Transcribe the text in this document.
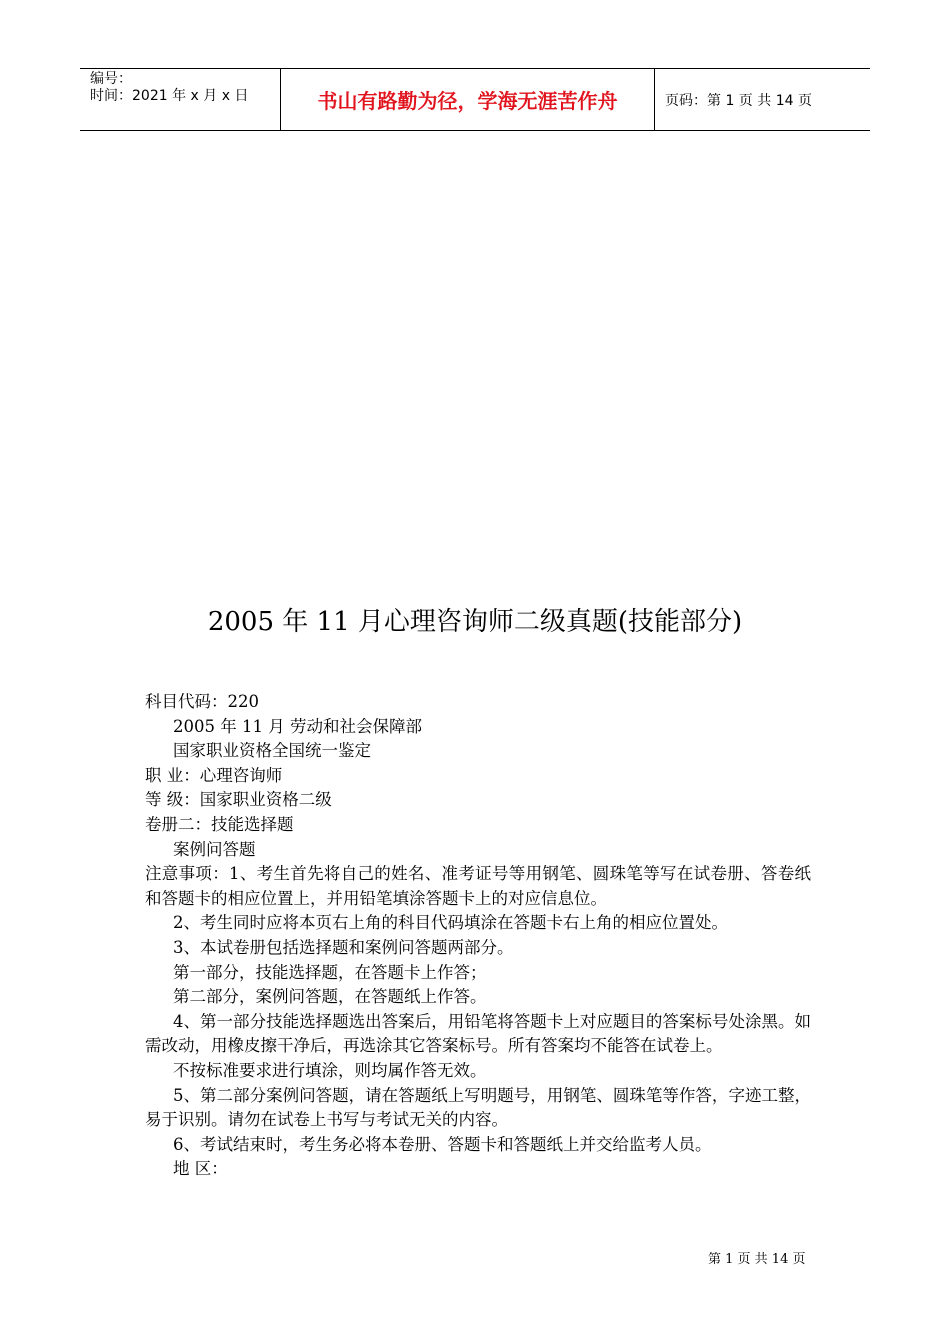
编号：
时间：2021 年 x 月 x 日	书山有路勤为径，学海无涯苦作舟	页码：第 1 页 共 14 页
2005 年 11 月心理咨询师二级真题(技能部分)

科目代码：220

2005 年 11 月 劳动和社会保障部

国家职业资格全国统一鉴定

职 业：心理咨询师

等 级：国家职业资格二级

卷册二：技能选择题

案例问答题

注意事项：1、考生首先将自己的姓名、准考证号等用钢笔、圆珠笔等写在试卷册、答卷纸和答题卡的相应位置上，并用铅笔填涂答题卡上的对应信息位。

2、考生同时应将本页右上角的科目代码填涂在答题卡右上角的相应位置处。

3、本试卷册包括选择题和案例问答题两部分。

第一部分，技能选择题，在答题卡上作答；

第二部分，案例问答题，在答题纸上作答。

4、第一部分技能选择题选出答案后，用铅笔将答题卡上对应题目的答案标号处涂黑。如需改动，用橡皮擦干净后，再选涂其它答案标号。所有答案均不能答在试卷上。

不按标准要求进行填涂，则均属作答无效。

5、第二部分案例问答题，请在答题纸上写明题号，用钢笔、圆珠笔等作答，字迹工整，易于识别。请勿在试卷上书写与考试无关的内容。

6、考试结束时，考生务必将本卷册、答题卡和答题纸上并交给监考人员。

地 区：

第 1 页 共 14 页
